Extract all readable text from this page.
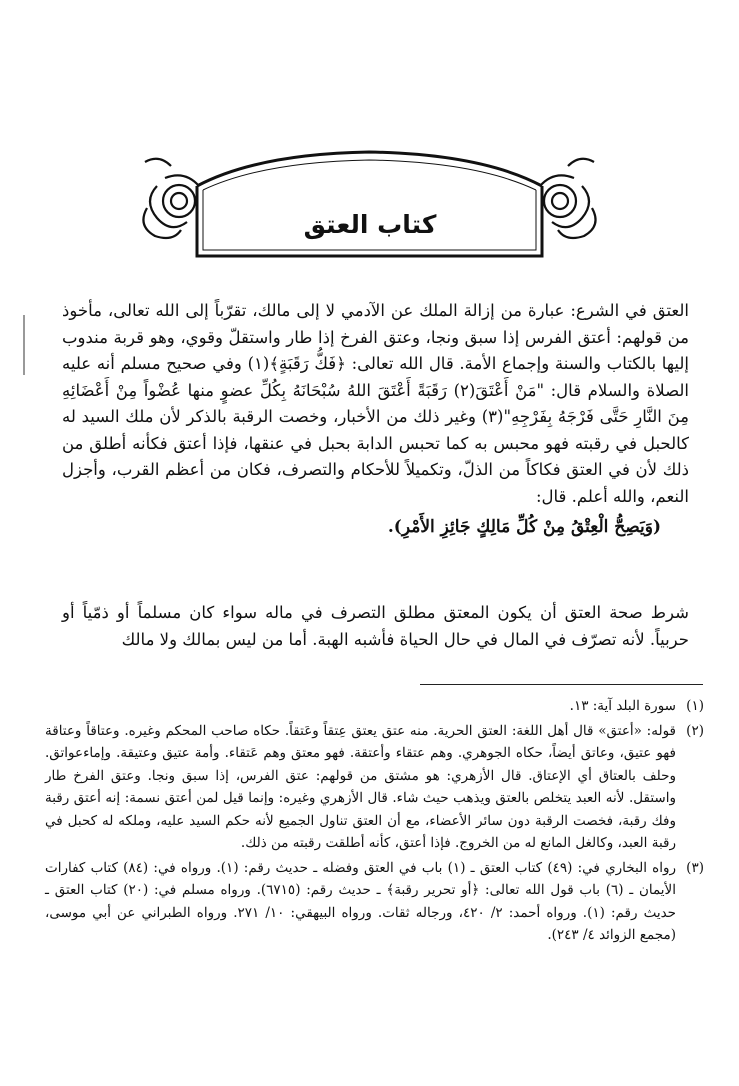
كتاب العتق

العتق في الشرع: عبارة من إزالة الملك عن الآدمي لا إلى مالك، تقرّباً إلى الله تعالى، مأخوذ من قولهم: أعتق الفرس إذا سبق ونجا، وعتق الفرخ إذا طار واستقلّ وقوي، وهو قربة مندوب إليها بالكتاب والسنة وإجماع الأمة. قال الله تعالى: ﴿فَكُّ رَقَبَةٍ﴾(١) وفي صحيح مسلم أنه عليه الصلاة والسلام قال: "مَنْ أَعْتَقَ(٢) رَقَبَةً أَعْتَقَ اللهُ سُبْحَانَهُ بِكُلِّ عضوٍ منها عُضْواً مِنْ أَعْضَائِهِ مِنَ النَّارِ حَتَّى فَرْجَهُ بِفَرْجِهِ"(٣) وغير ذلك من الأخبار، وخصت الرقبة بالذكر لأن ملك السيد له كالحبل في رقبته فهو محبس به كما تحبس الدابة بحبل في عنقها، فإذا أعتق فكأنه أطلق من ذلك لأن في العتق فكاكاً من الذلّ، وتكميلاً للأحكام والتصرف، فكان من أعظم القرب، وأجزل النعم، والله أعلم. قال:

(وَيَصِحُّ الْعِتْقُ مِنْ كُلِّ مَالِكٍ جَائِزِ الأَمْرِ).

شرط صحة العتق أن يكون المعتق مطلق التصرف في ماله سواء كان مسلماً أو ذمّياً أو حربياً. لأنه تصرّف في المال في حال الحياة فأشبه الهبة. أما من ليس بمالك ولا مالك

(١)
سورة البلد آية: ١٣.
(٢)
قوله: «أعتق» قال أهل اللغة: العتق الحرية. منه عتق يعتق عِتقاً وعَتقاً. حكاه صاحب المحكم وغيره. وعتاقاً وعتاقة فهو عتيق، وعاتق أيضاً، حكاه الجوهري. وهم عتقاء وأعتقة. فهو معتق وهم عَتقاء. وأمة عتيق وعتيقة. وإماءعواتق. وحلف بالعتاق أي الإعتاق. قال الأزهري: هو مشتق من قولهم: عتق الفرس، إذا سبق ونجا. وعتق الفرخ طار واستقل. لأنه العبد يتخلص بالعتق ويذهب حيث شاء. قال الأزهري وغيره: وإنما قيل لمن أعتق نسمة: إنه أعتق رقبة وفك رقبة، فخصت الرقبة دون سائر الأعضاء، مع أن العتق تناول الجميع لأنه حكم السيد عليه، وملكه له كحبل في رقبة العبد، وكالغل المانع له من الخروج. فإذا أعتق، كأنه أطلقت رقبته من ذلك.
(٣)
رواه البخاري في: (٤٩) كتاب العتق ـ (١) باب في العتق وفضله ـ حديث رقم: (١). ورواه في: (٨٤) كتاب كفارات الأيمان ـ (٦) باب قول الله تعالى: ﴿أو تحرير رقبة﴾ ـ حديث رقم: (٦٧١٥). ورواه مسلم في: (٢٠) كتاب العتق ـ حديث رقم: (١). ورواه أحمد: ٢/ ٤٢٠، ورجاله ثقات. ورواه البيهقي: ١٠/ ٢٧١. ورواه الطبراني عن أبي موسى، (مجمع الزوائد ٤/ ٢٤٣).
